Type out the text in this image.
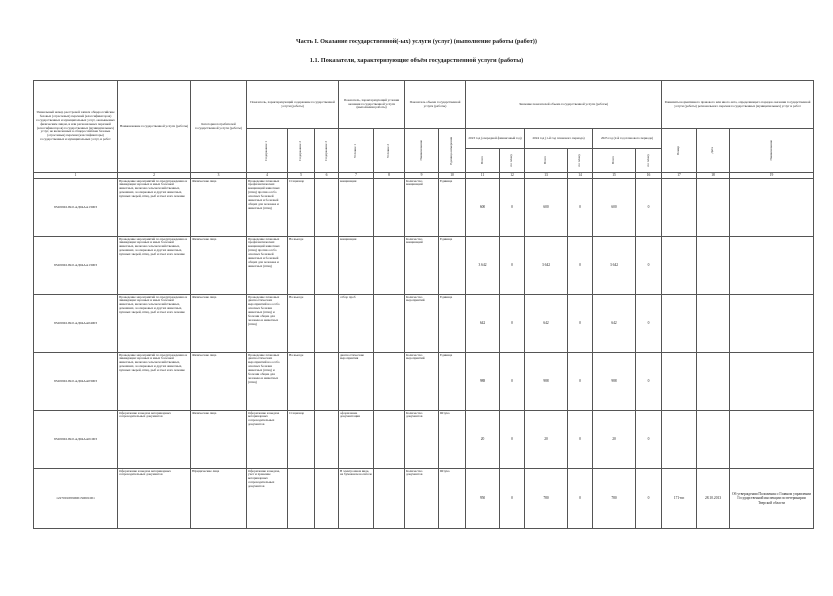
Часть I. Оказание государственной(-ых) услуги (услуг) (выполнение работы (работ))
1.1. Показатели, характеризующие объём государственной услуги (работы)
Уникальный номер реестровой записи общероссийские базовых (отраслевых) перечней (классификаторов) государственных и муниципальных услуг, оказываемых физическим лицам, и или региональных перечней (классификаторов) государственных (муниципальных) услуг, не включенных в общероссийские базовые (отраслевые) перечни (классификаторы) государственных и муниципальных услуг, и работ	Наименование государственной услуги (работы)	Категория потребителей государственной услуги (работы)	Показатель, характеризующий содержание государственной услуги (работы)			Показатель, характеризующий условия оказания государственной услуги (выполнения работы)		Показатель объема государственной услуги (работы)		Значение показателей объема государственной услуги (работы)						Реквизиты нормативного правового или иного акта, определяющего порядок оказания государственной услуги (работы) регионального перечня государственных (муниципальных) услуг и работ		

			Содержание 1	Содержание 2	Содержание 3	Условие 1	Условие 2	Наименование	Единица измерения	2023 год (очередной финансовый год)		2024 год (1-й год планового периода)		2025 год (2-й год планового периода)		Номер	Дата	Наименование

										Всего	по плану	Всего	по плану	Всего	по плану			

1	2	3	4	5	6	7	8	9	10	11	12	13	14	15	16	17	18	19
852000О.99.0.АД04АА13003	Проведение мероприятий по предупреждению и ликвидации заразных и иных болезней животных, включая сельскохозяйственных, домашних, зоопарковых и других животных, пушных зверей, птиц, рыб и пчел и их лечение	Физические лица	Проведение плановых профилактических вакцинаций животных (птиц) против особо опасных болезней животных и болезней общих для человека и животных (птиц)	Стационар		вакцинация		Количество вакцинаций	Единица	600	0	600	0	600	0			
852000О.99.0.АД04АА13003	Проведение мероприятий по предупреждению и ликвидации заразных и иных болезней животных, включая сельскохозяйственных, домашних, зоопарковых и других животных, пушных зверей, птиц, рыб и пчел и их лечение	Физические лица	Проведение плановых профилактических вакцинаций животных (птиц) против особо опасных болезней животных и болезней общих для человека и животных (птиц)	На выезде		вакцинация		Количество вакцинаций	Единица	3 642	0	3 642	0	3 642	0			
852000О.99.0.АД04АА04003	Проведение мероприятий по предупреждению и ликвидации заразных и иных болезней животных, включая сельскохозяйственных, домашних, зоопарковых и других животных, пушных зверей, птиц, рыб и пчел и их лечение	Физические лица	Проведение плановых диагностических мероприятий на особо опасных болезни животных (птиц) и болезни общие для человека и животных (птиц)	На выезде		отбор проб		Количество мероприятий	Единица	642	0	642	0	642	0			
852000О.99.0.АД04АА03003	Проведение мероприятий по предупреждению и ликвидации заразных и иных болезней животных, включая сельскохозяйственных, домашних, зоопарковых и других животных, пушных зверей, птиц, рыб и пчел и их лечение	Физические лица	Проведение плановых диагностических мероприятий на особо опасных болезни животных (птиц) и болезни общие для человека и животных (птиц)	На выезде		диагностические мероприятия		Количество мероприятий	Единица	988	0	988	0	988	0			
852000О.99.0.АД04АА01003	Оформление и выдача ветеринарных сопроводительных документов	Физические лица	Оформление и выдача ветеринарных сопроводительных документов	Стационар		оформление документации		Количество документов	Штука	20	0	20	0	20	0			
1227001Р09000150001001	Оформление и выдача ветеринарных сопроводительных документов	Юридические лица	Оформление и выдача, учет и хранение ветеринарных сопроводительных документов			В электронном виде, на бумажном носителе		Количество документов	Штука	950	0	780	0	780	0	171-пп	28.10.2013	Об утверждении Положения о Главном управлении Государственной инспекции по ветеринарии Тверской области
